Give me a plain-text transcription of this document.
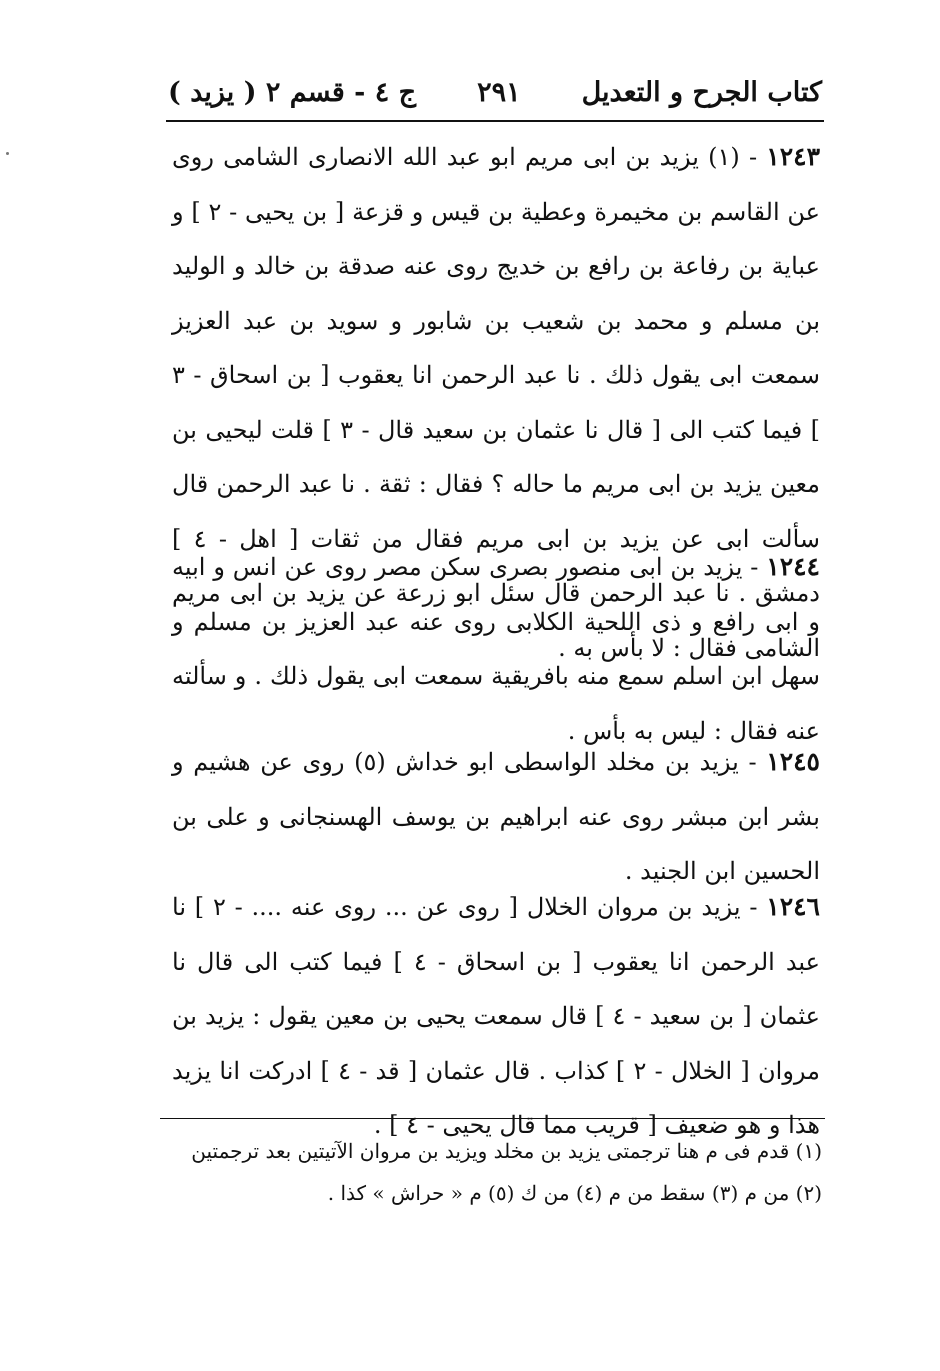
( يزيد ) ج ٤ - قسم ٢ ٢٩١ كتاب الجرح و التعديل
١٢٤٣ - (١) يزيد بن ابى مريم ابو عبد الله الانصارى الشامى روى عن القاسم بن مخيمرة وعطية بن قيس و قزعة [ بن يحيى - ٢ ] و عباية بن رفاعة بن رافع بن خديج روى عنه صدقة بن خالد و الوليد بن مسلم و محمد بن شعيب بن شابور و سويد بن عبد العزيز سمعت ابى يقول ذلك . نا عبد الرحمن انا يعقوب [ بن اسحاق - ٣ ] فيما كتب الى [ قال نا عثمان بن سعيد قال - ٣ ] قلت ليحيى بن معين يزيد بن ابى مريم ما حاله ؟ فقال : ثقة . نا عبد الرحمن قال سألت ابى عن يزيد بن ابى مريم فقال من ثقات [ اهل - ٤ ] دمشق . نا عبد الرحمن قال سئل ابو زرعة عن يزيد بن ابى مريم الشامى فقال : لا بأس به .
١٢٤٤ - يزيد بن ابى منصور بصرى سكن مصر روى عن انس و ابيه و ابى رافع و ذى اللحية الكلابى روى عنه عبد العزيز بن مسلم و سهل ابن اسلم سمع منه بافريقية سمعت ابى يقول ذلك . و سألته عنه فقال : ليس به بأس .
١٢٤٥ - يزيد بن مخلد الواسطى ابو خداش (٥) روى عن هشيم و بشر ابن مبشر روى عنه ابراهيم بن يوسف الهسنجانى و على بن الحسين ابن الجنيد .
١٢٤٦ - يزيد بن مروان الخلال [ روى عن ... روى عنه .... - ٢ ] نا عبد الرحمن انا يعقوب [ بن اسحاق - ٤ ] فيما كتب الى قال نا عثمان [ بن سعيد - ٤ ] قال سمعت يحيى بن معين يقول : يزيد بن مروان [ الخلال - ٢ ] كذاب . قال عثمان [ قد - ٤ ] ادركت انا يزيد هذا و هو ضعيف [ قريب مما قال يحيى - ٤ ] .
(١) قدم فى م هنا ترجمتى يزيد بن مخلد ويزيد بن مروان الآتيتين بعد ترجمتين
(٢) من م (٣) سقط من م (٤) من ك (٥) م « حراش » كذا .
